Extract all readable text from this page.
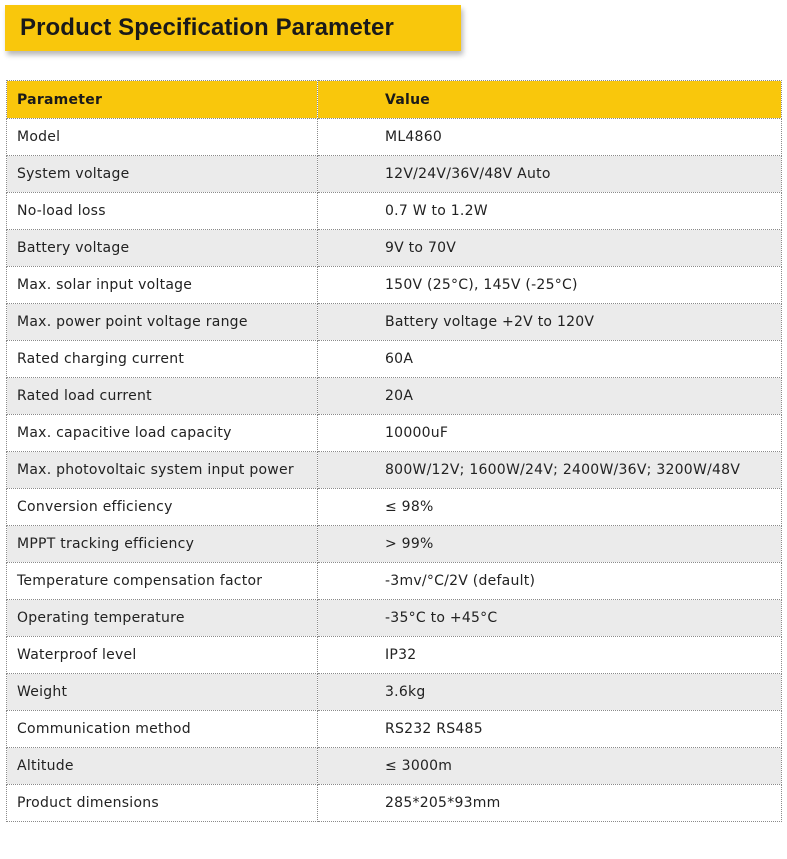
Product Specification Parameter
Parameter	Value
Model	ML4860
System voltage	12V/24V/36V/48V Auto
No-load loss	0.7 W to 1.2W
Battery voltage	9V to 70V
Max. solar input voltage	150V (25°C), 145V (-25°C)
Max. power point voltage range	Battery voltage +2V to 120V
Rated charging current	60A
Rated load current	20A
Max. capacitive load capacity	10000uF
Max. photovoltaic system input power	800W/12V; 1600W/24V; 2400W/36V; 3200W/48V
Conversion efficiency	≤ 98%
MPPT tracking efficiency	> 99%
Temperature compensation factor	-3mv/°C/2V (default)
Operating temperature	-35°C to +45°C
Waterproof level	IP32
Weight	3.6kg
Communication method	RS232 RS485
Altitude	≤ 3000m
Product dimensions	285*205*93mm
